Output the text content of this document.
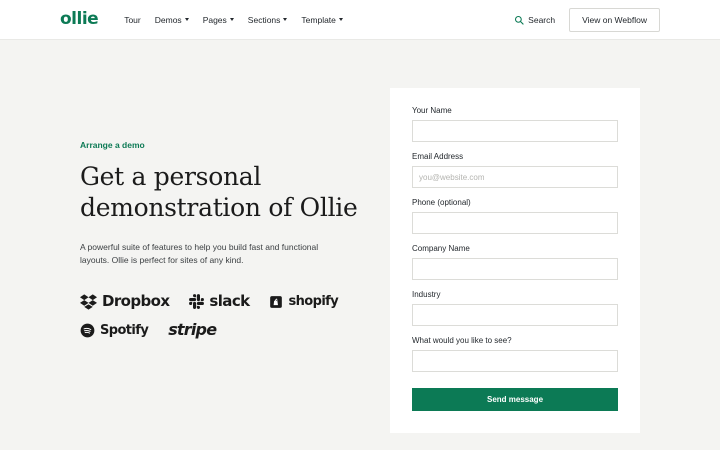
ollie	Tour Demos Pages Sections Template	Search	View on Webflow
Arrange a demo
Get a personal demonstration of Ollie

A powerful suite of features to help you build fast and functional layouts. Ollie is perfect for sites of any kind.

Dropbox	slack	shopify
Spotify stripe
Your Name
Email Address
you@website.com
Phone (optional)
Company Name
Industry
What would you like to see?
Send message
